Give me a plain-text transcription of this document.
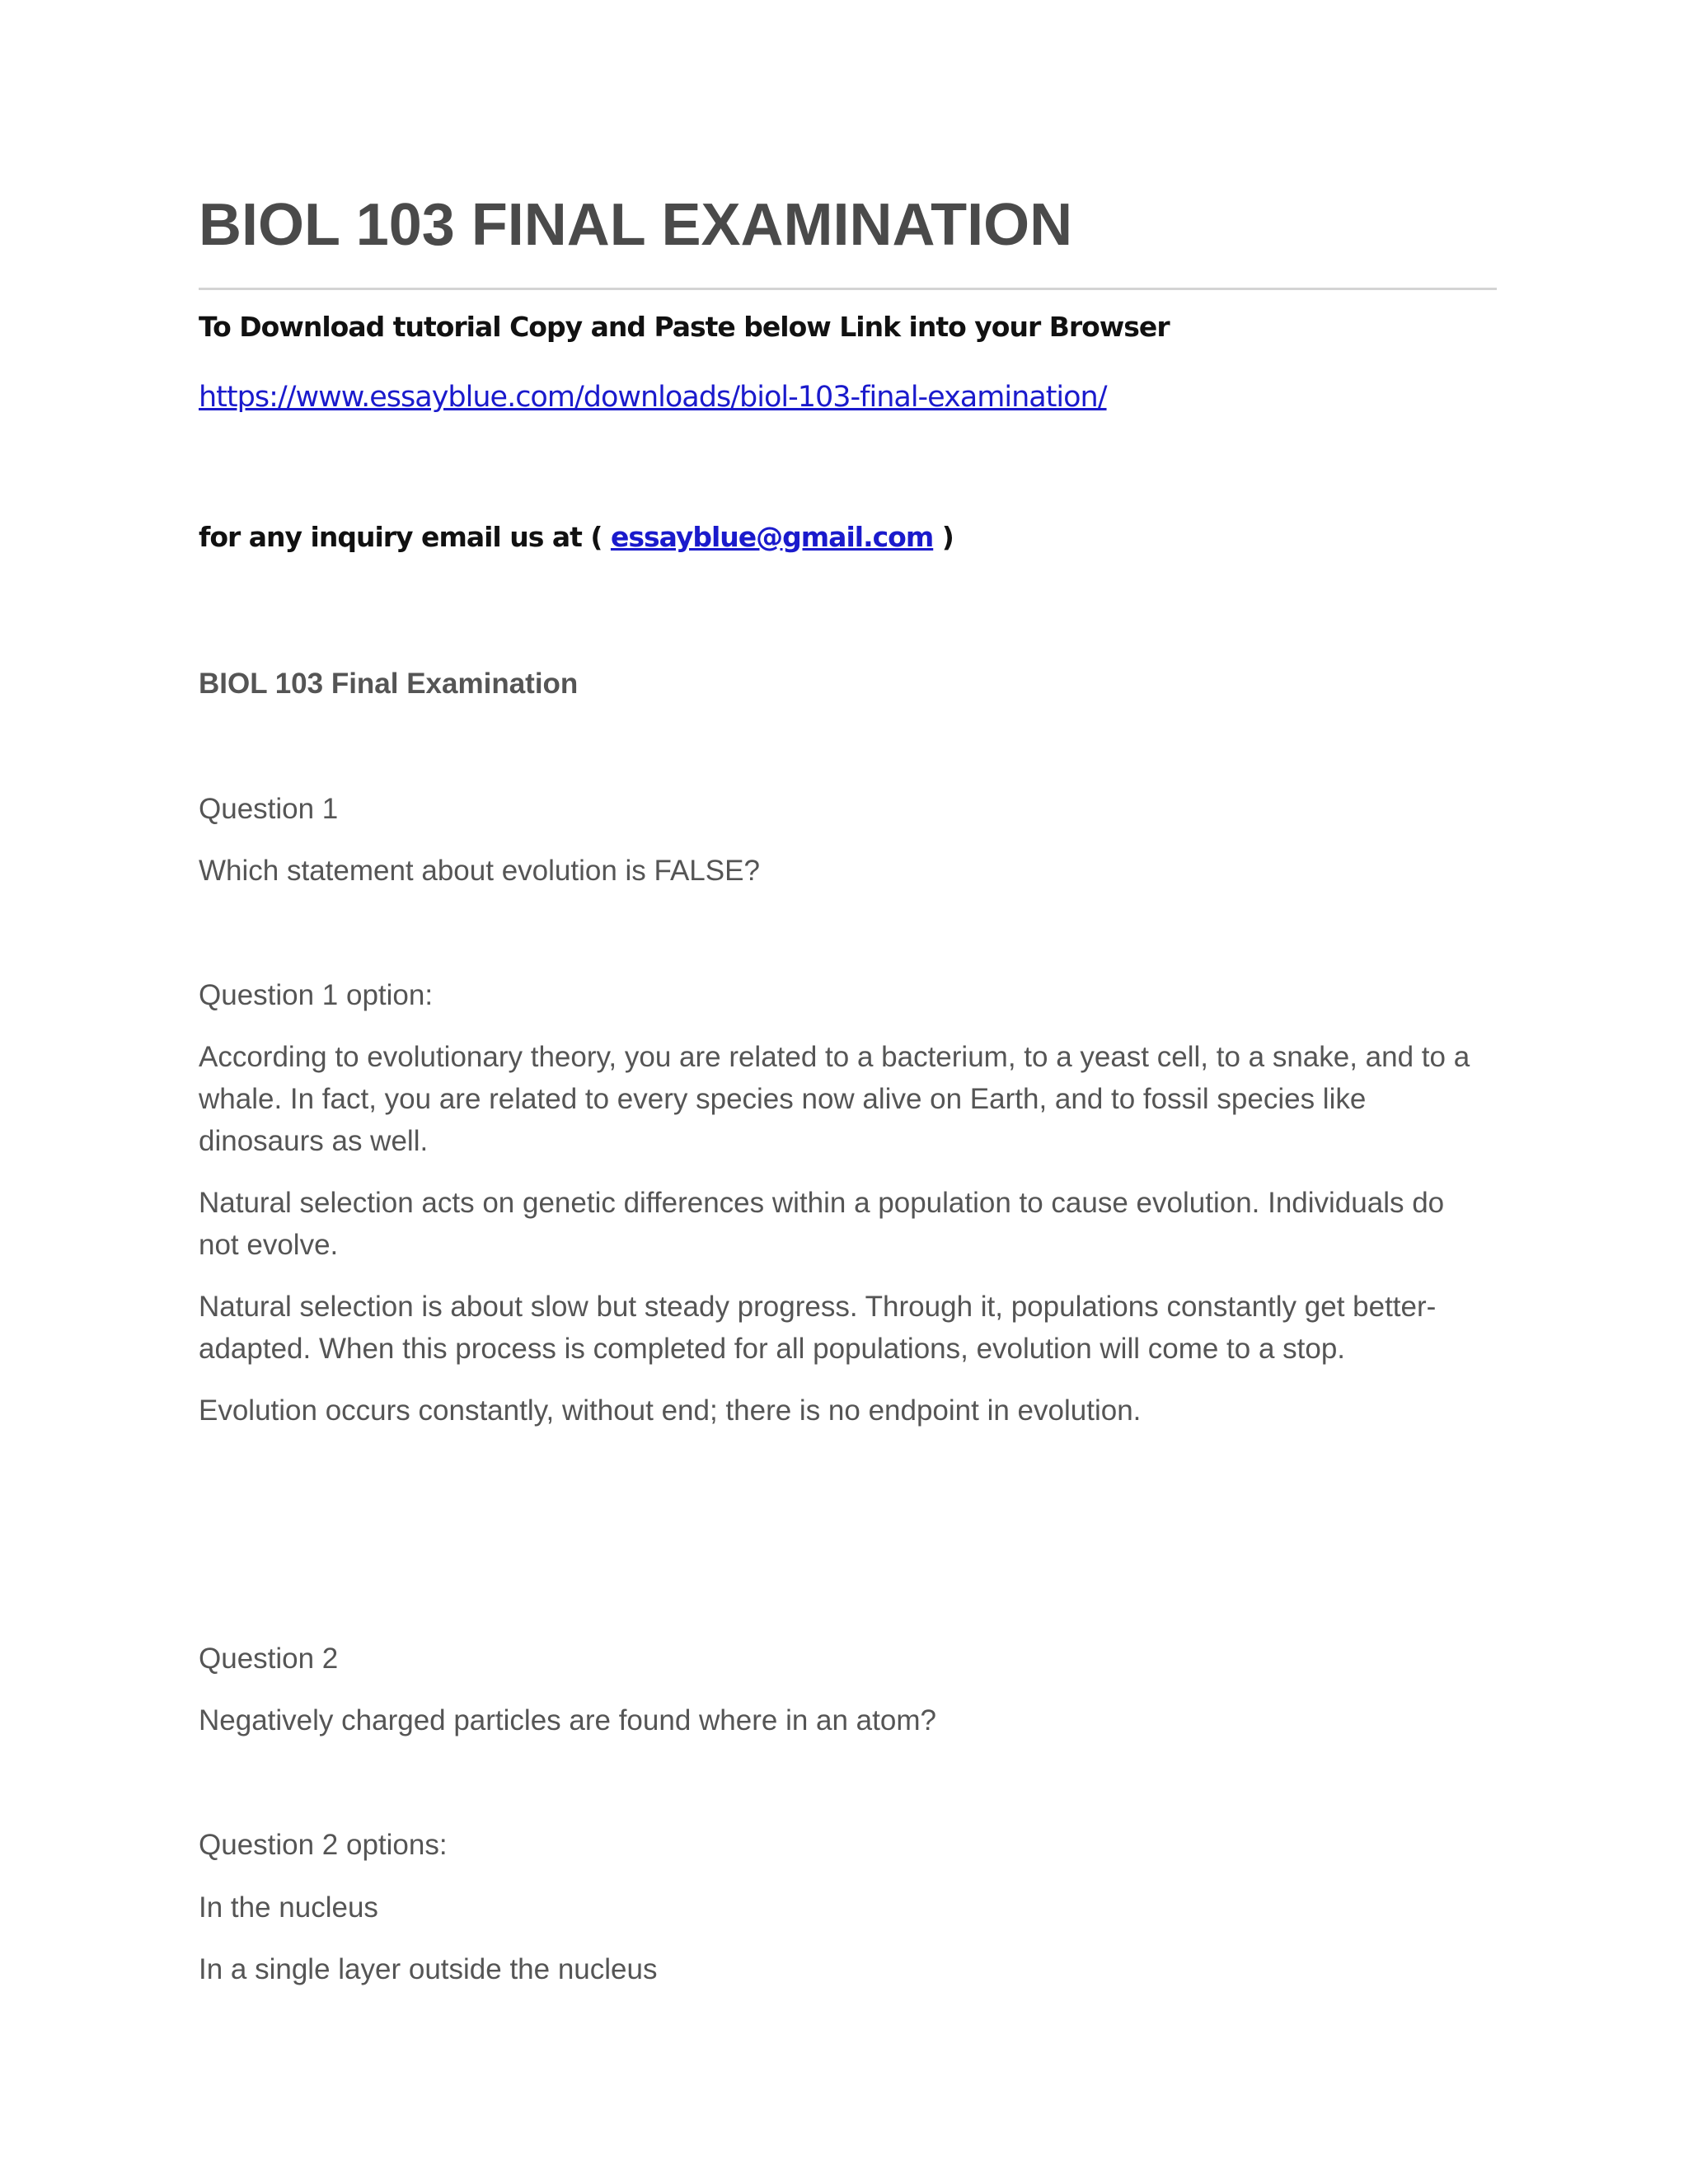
BIOL 103 FINAL EXAMINATION

To Download tutorial Copy and Paste below Link into your Browser

https://www.essayblue.com/downloads/biol-103-final-examination/

for any inquiry email us at ( essayblue@gmail.com )

BIOL 103 Final Examination

Question 1

Which statement about evolution is FALSE?

Question 1 option:

According to evolutionary theory, you are related to a bacterium, to a yeast cell, to a snake, and to a whale. In fact, you are related to every species now alive on Earth, and to fossil species like dinosaurs as well.

Natural selection acts on genetic differences within a population to cause evolution. Individuals do not evolve.

Natural selection is about slow but steady progress. Through it, populations constantly get better-adapted. When this process is completed for all populations, evolution will come to a stop.

Evolution occurs constantly, without end; there is no endpoint in evolution.

Question 2

Negatively charged particles are found where in an atom?

Question 2 options:

In the nucleus

In a single layer outside the nucleus
